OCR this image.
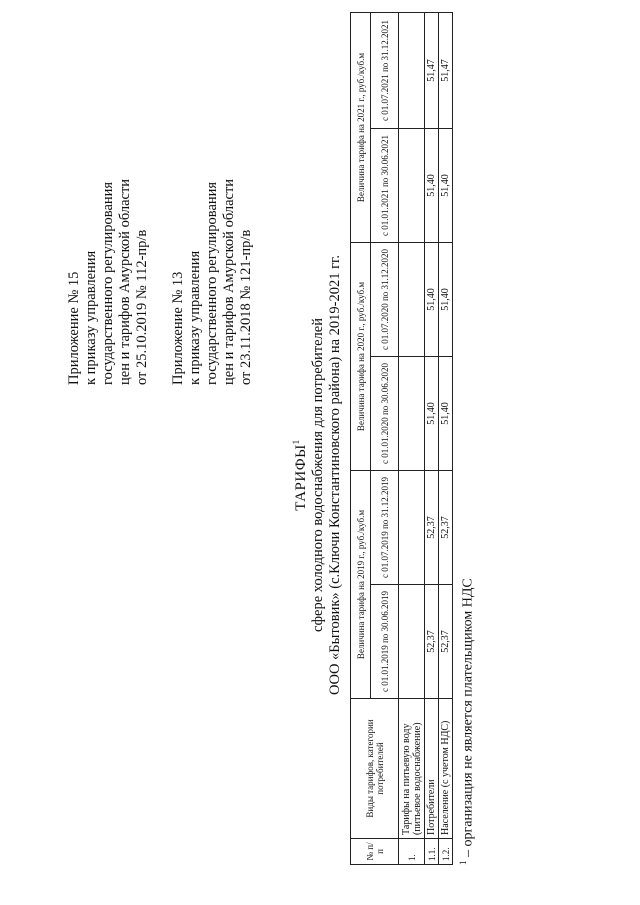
Приложение № 15 к приказу управления государственного регулирования цен и тарифов Амурской области от 25.10.2019 № 112-пр/в Приложение № 13 к приказу управления государственного регулирования цен и тарифов Амурской области от 23.11.2018 № 121-пр/в
ТАРИФЫ$^1$ сфере холодного водоснабжения для потребителей ООО «Бытовик» (с.Ключи Константиновского района) на 2019-2021 гг.
№ п/п	Виды тарифов, категории потребителей	Величина тарифа на 2019 г., руб./куб.м		Величина тарифа на 2020 г., руб./куб.м		Величина тарифа на 2021 г., руб./куб.м	
		с 01.01.2019 по 30.06.2019	с 01.07.2019 по 31.12.2019	с 01.01.2020 по 30.06.2020	с 01.07.2020 по 31.12.2020	с 01.01.2021 по 30.06.2021	с 01.07.2021 по 31.12.2021
1.	Тарифы на питьевую воду (питьевое водоснабжение)						
1.1.	Потребители	52,37	52,37	51,40	51,40	51,40	51,47
1.2.	Население (с учетом НДС)	52,37	52,37	51,40	51,40	51,40	51,47
$^1$ – организация не является плательщиком НДС
